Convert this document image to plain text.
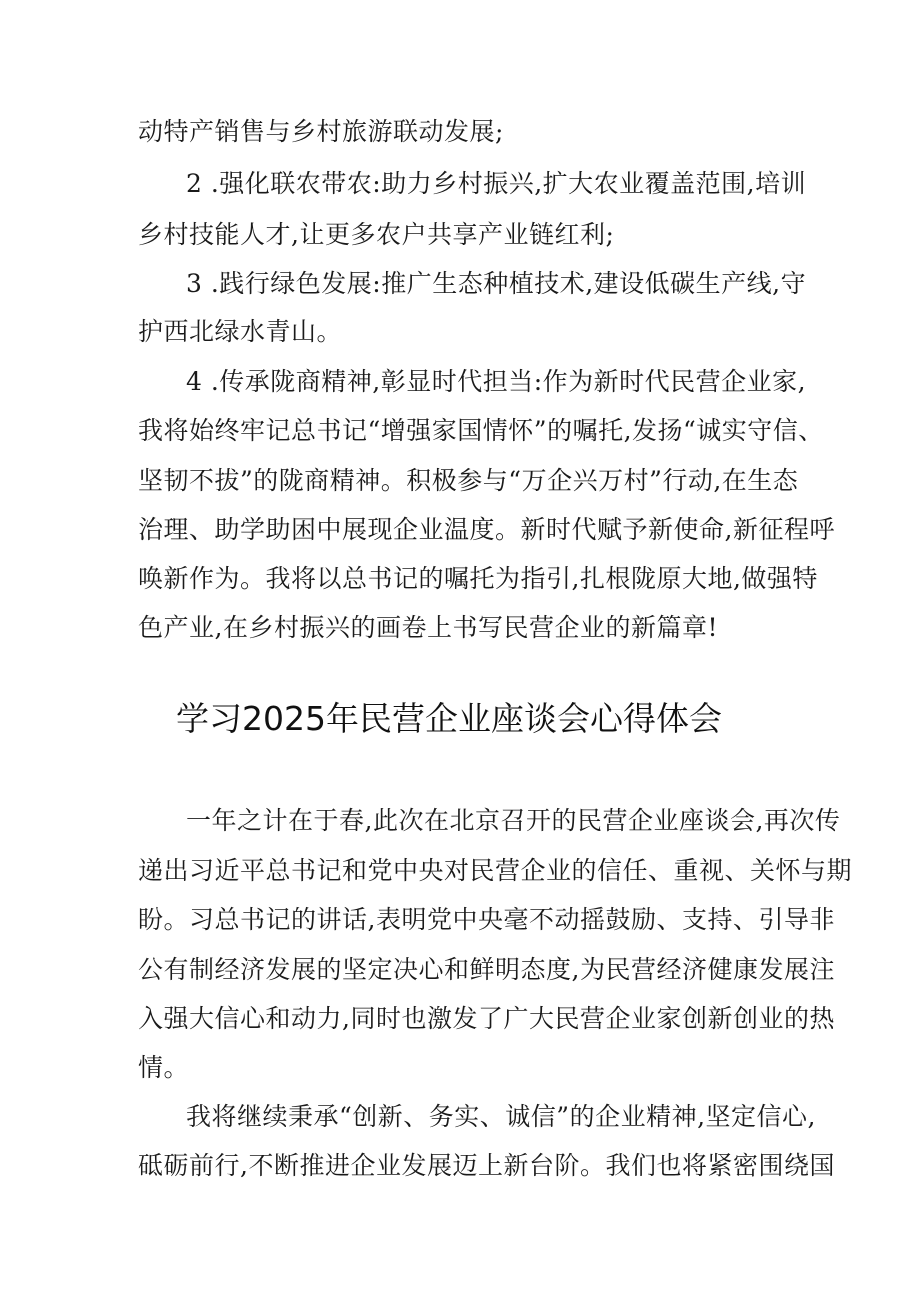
动特产销售与乡村旅游联动发展;
2 .强化联农带农:助力乡村振兴,扩大农业覆盖范围,培训
乡村技能人才,让更多农户共享产业链红利;
3 .践行绿色发展:推广生态种植技术,建设低碳生产线,守
护西北绿水青山。
4 .传承陇商精神,彰显时代担当:作为新时代民营企业家,
我将始终牢记总书记“增强家国情怀”的嘱托,发扬“诚实守信、
坚韧不拔”的陇商精神。积极参与“万企兴万村”行动,在生态
治理、助学助困中展现企业温度。新时代赋予新使命,新征程呼
唤新作为。我将以总书记的嘱托为指引,扎根陇原大地,做强特
色产业,在乡村振兴的画卷上书写民营企业的新篇章!
学习2025年民营企业座谈会心得体会
一年之计在于春,此次在北京召开的民营企业座谈会,再次传
递出习近平总书记和党中央对民营企业的信任、重视、关怀与期
盼。习总书记的讲话,表明党中央毫不动摇鼓励、支持、引导非
公有制经济发展的坚定决心和鲜明态度,为民营经济健康发展注
入强大信心和动力,同时也激发了广大民营企业家创新创业的热
情。
我将继续秉承“创新、务实、诚信”的企业精神,坚定信心,
砥砺前行,不断推进企业发展迈上新台阶。我们也将紧密围绕国
